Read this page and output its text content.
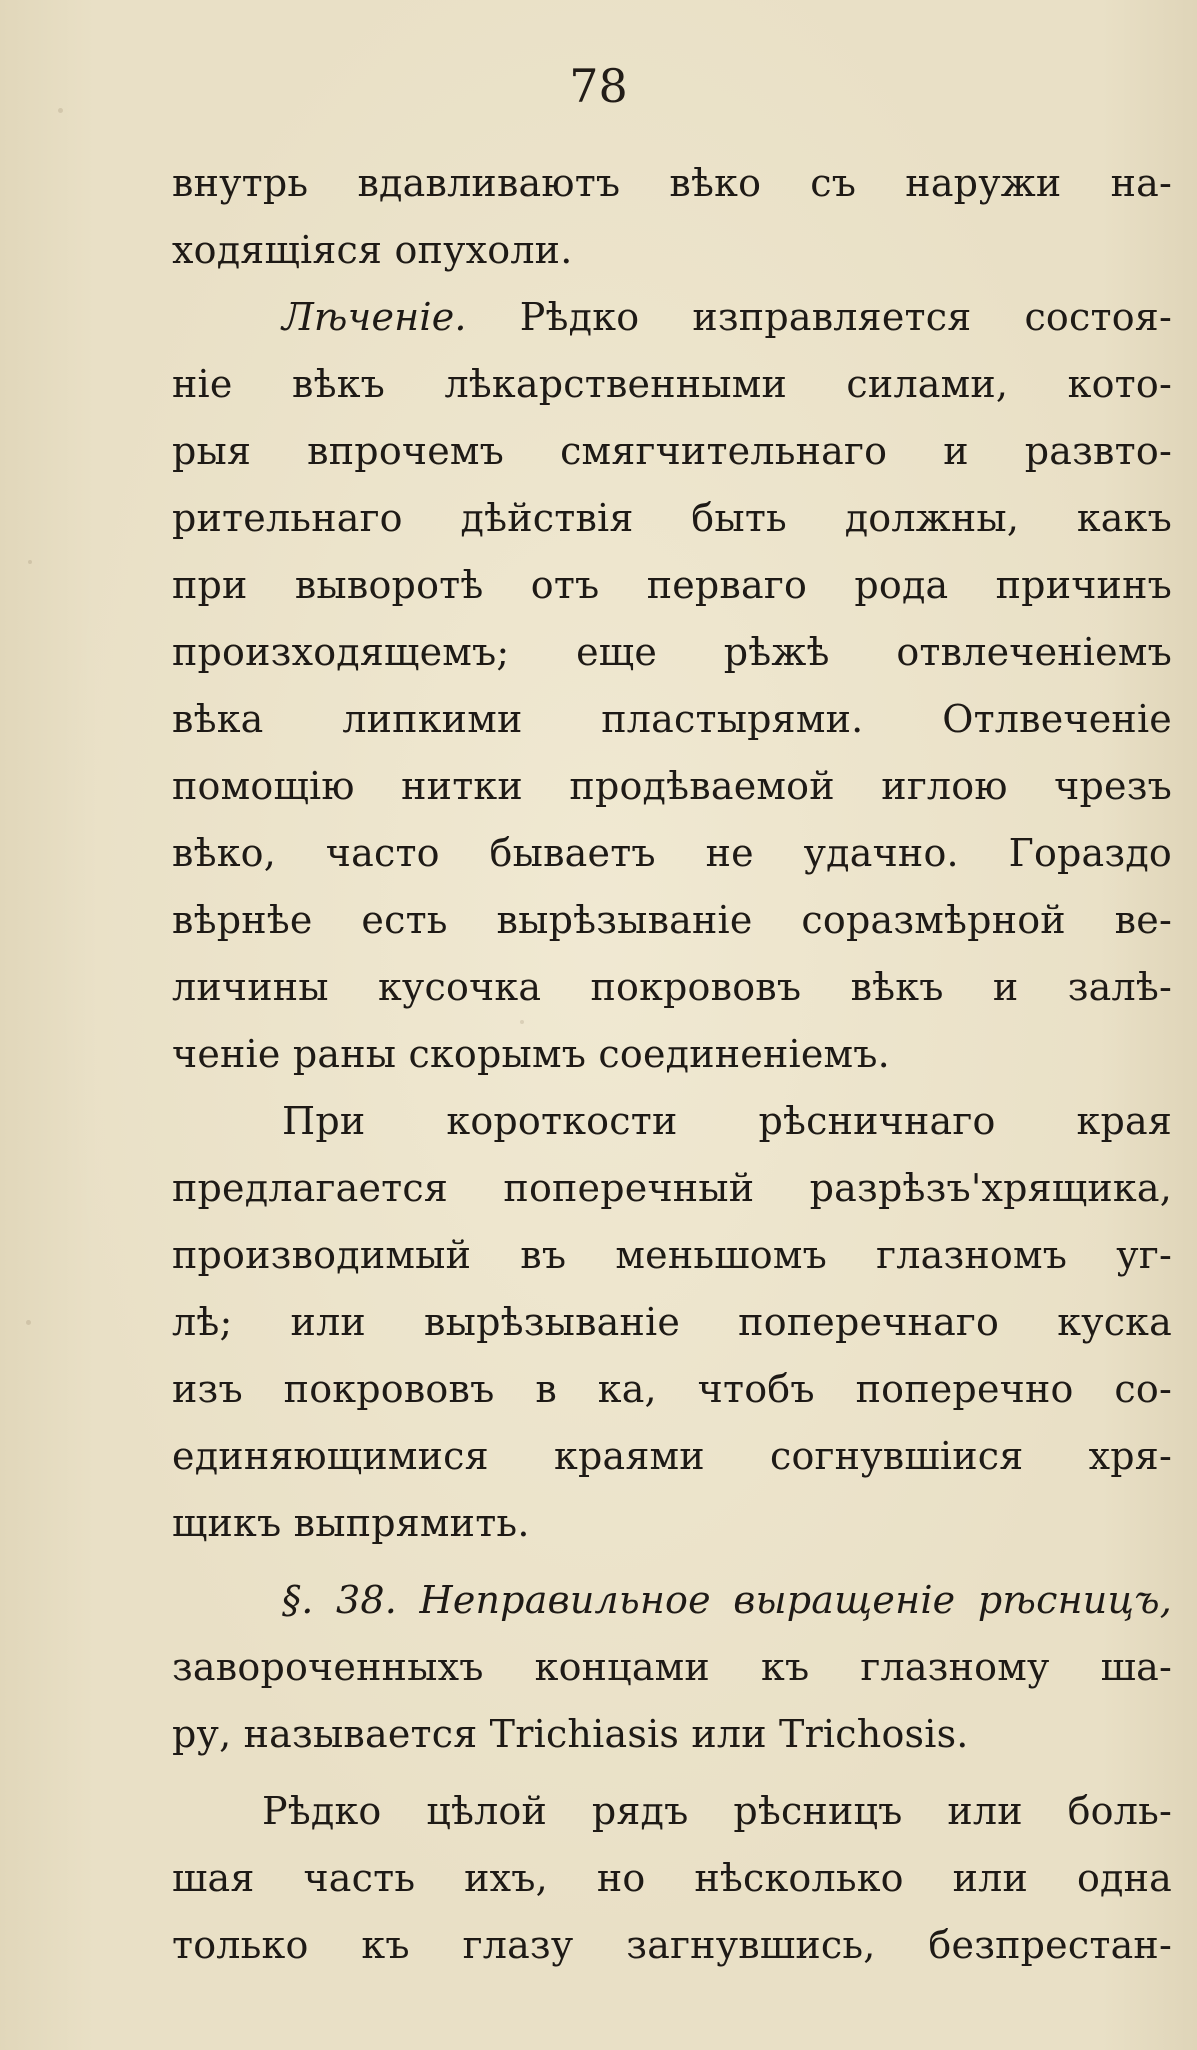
78
внутрь вдавливаютъ вѣко съ наружи на-
ходящіяся опухоли.
Лѣченіе. Рѣдко изправляется состоя-
ніе вѣкъ лѣкарственными силами, кото-
рыя впрочемъ смягчительнаго и развто-
рительнаго дѣйствія быть должны, какъ
при выворотѣ отъ перваго рода причинъ
произходящемъ; еще рѣжѣ отвлеченіемъ
вѣка липкими пластырями. Отлвеченіе
помощію нитки продѣваемой иглою чрезъ
вѣко, часто бываетъ не удачно. Гораздо
вѣрнѣе есть вырѣзываніе соразмѣрной ве-
личины кусочка покрововъ вѣкъ и залѣ-
ченіе раны скорымъ соединеніемъ.
При короткости рѣсничнаго края
предлагается поперечный разрѣзъ'хрящика,
производимый въ меньшомъ глазномъ уг-
лѣ; или вырѣзываніе поперечнаго куска
изъ покрововъ в ка, чтобъ поперечно со-
единяющимися краями согнувшіися хря-
щикъ выпрямить.
§. 38. Неправильное выращеніе рѣсницъ,
завороченныхъ концами къ глазному ша-
ру, называется Trichiasis или Trichosis.
Рѣдко цѣлой рядъ рѣсницъ или боль-
шая часть ихъ, но нѣсколько или одна
только къ глазу загнувшись, безпрестан-
